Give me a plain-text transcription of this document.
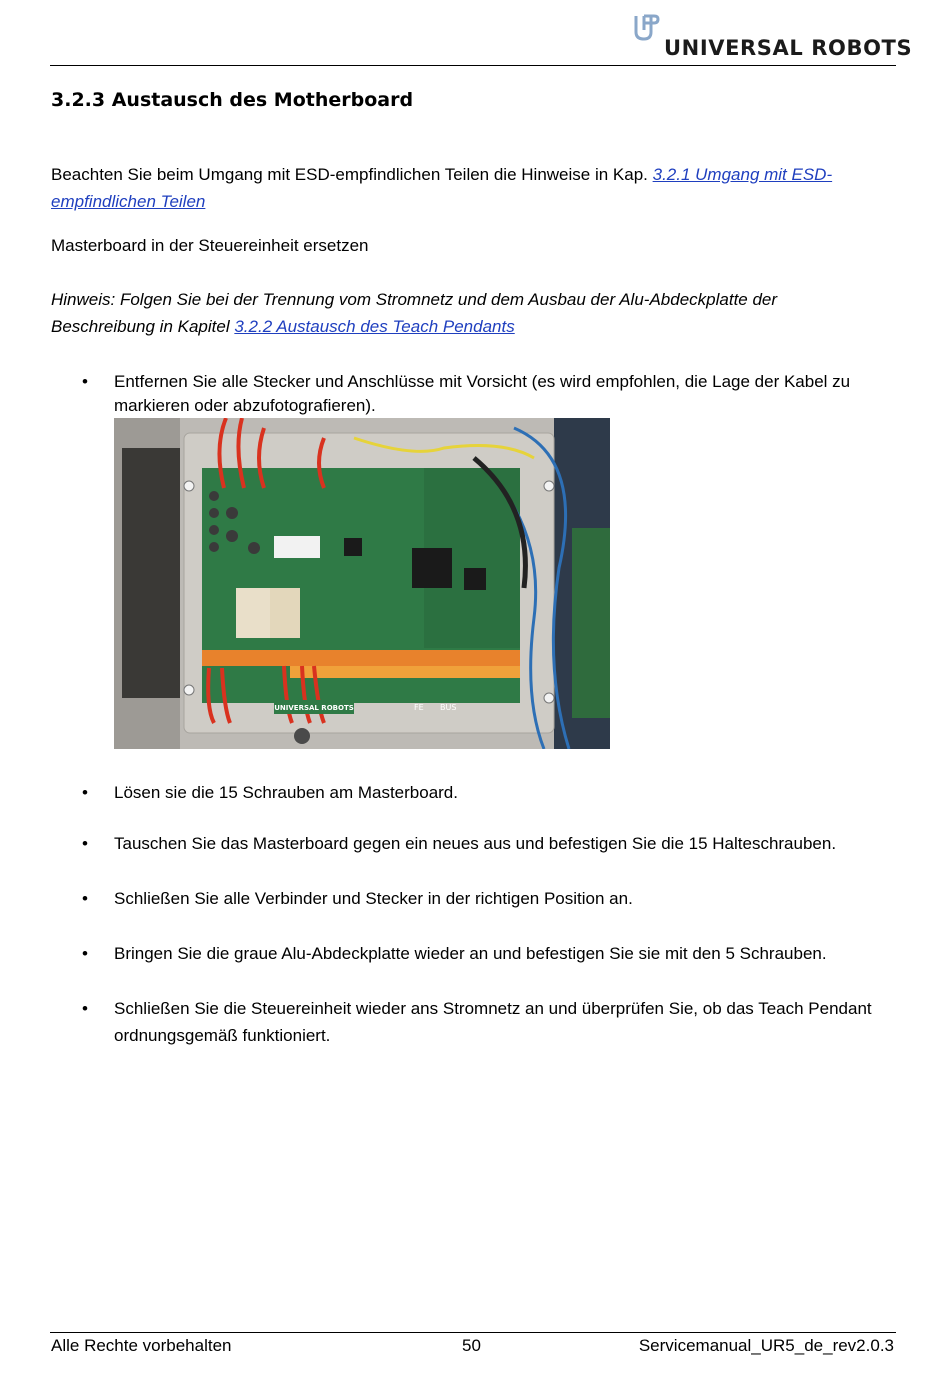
UNIVERSAL ROBOTS
3.2.3 Austausch des Motherboard
Beachten Sie beim Umgang mit ESD-empfindlichen Teilen die Hinweise in Kap. 3.2.1 Umgang mit ESD-
empfindlichen Teilen
Masterboard in der Steuereinheit ersetzen
Hinweis: Folgen Sie bei der Trennung vom Stromnetz und dem Ausbau der Alu-Abdeckplatte der
Beschreibung in Kapitel 3.2.2 Austausch des Teach Pendants
• Entfernen Sie alle Stecker und Anschlüsse mit Vorsicht (es wird empfohlen, die Lage der Kabel zu
markieren oder abzufotografieren).
UNIVERSAL ROBOTS	FE BUS
• Lösen sie die 15 Schrauben am Masterboard.
• Tauschen Sie das Masterboard gegen ein neues aus und befestigen Sie die 15 Halteschrauben.
• Schließen Sie alle Verbinder und Stecker in der richtigen Position an.
• Bringen Sie die graue Alu-Abdeckplatte wieder an und befestigen Sie sie mit den 5 Schrauben.
• Schließen Sie die Steuereinheit wieder ans Stromnetz an und überprüfen Sie, ob das Teach Pendant
ordnungsgemäß funktioniert.
Alle Rechte vorbehalten	50	Servicemanual_UR5_de_rev2.0.3
